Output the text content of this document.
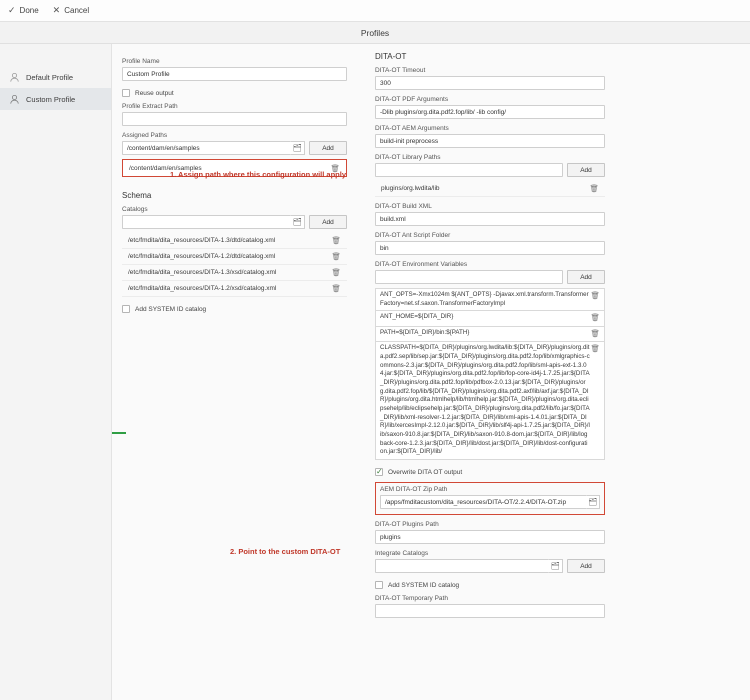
✓ Done ✕ Cancel
Profiles
Default Profile
Custom Profile
Profile Name
Custom Profile
Reuse output
Profile Extract Path
Assigned Paths
/content/dam/en/samples	🗂	Add
/content/dam/en/samples	🗑
Schema
Catalogs
🗂	Add
/etc/fmdita/dita_resources/DITA-1.3/dtd/catalog.xml	🗑
/etc/fmdita/dita_resources/DITA-1.2/dtd/catalog.xml	🗑
/etc/fmdita/dita_resources/DITA-1.3/xsd/catalog.xml	🗑
/etc/fmdita/dita_resources/DITA-1.2/xsd/catalog.xml	🗑
Add SYSTEM ID catalog
DITA-OT
DITA-OT Timeout
300
DITA-OT PDF Arguments
-Dlib plugins/org.dita.pdf2.fop/lib/ -lib config/
DITA-OT AEM Arguments
build-init preprocess
DITA-OT Library Paths
Add
plugins/org.lwdita/lib	🗑
DITA-OT Build XML
build.xml
DITA-OT Ant Script Folder
bin
DITA-OT Environment Variables
Add
ANT_OPTS=-Xmx1024m ${ANT_OPTS} -Djavax.xml.transform.TransformerFactory=net.sf.saxon.TransformerFactoryImpl
🗑
ANT_HOME=${DITA_DIR}	🗑
PATH=${DITA_DIR}/bin:${PATH}	🗑
CLASSPATH=${DITA_DIR}/plugins/org.lwdita/lib:${DITA_DIR}/plugins/org.dita.pdf2.sep/lib/sep.jar:${DITA_DIR}/plugins/org.dita.pdf2.fop/lib/xmlgraphics-commons-2.3.jar:${DITA_DIR}/plugins/org.dita.pdf2.fop/lib/sml-apis-ext-1.3.04.jar:${DITA_DIR}/plugins/org.dita.pdf2.fop/lib/fop-core-id4j-1.7.25.jar:${DITA_DIR}/plugins/org.dita.pdf2.fop/lib/pdfbox-2.0.13.jar:${DITA_DIR}/plugins/org.dita.pdf2.fop/lib/${DITA_DIR}/plugins/org.dita.pdf2.axf/lib/axf.jar:${DITA_DIR}/plugins/org.dita.htmlhelp/lib/htmlhelp.jar:${DITA_DIR}/plugins/org.dita.eclipsehelp/lib/eclipsehelp.jar:${DITA_DIR}/plugins/org.dita.pdf2/lib/fo.jar:${DITA_DIR}/lib/xml-resolver-1.2.jar:${DITA_DIR}/lib/xml-apis-1.4.01.jar:${DITA_DIR}/lib/xercesImpl-2.12.0.jar:${DITA_DIR}/lib/slf4j-api-1.7.25.jar:${DITA_DIR}/lib/saxon-910.8.jar:${DITA_DIR}/lib/saxon-910.8-dom.jar:${DITA_DIR}/lib/logback-core-1.2.3.jar:${DITA_DIR}/lib/dost.jar:${DITA_DIR}/lib/dost-configuration.jar:${DITA_DIR}/lib/
🗑
✓
Overwrite DITA OT output
AEM DITA-OT Zip Path
/apps/fmditacustom/dita_resources/DITA-OT/2.2.4/DITA-OT.zip	🗂
DITA-OT Plugins Path
plugins
Integrate Catalogs
🗂	Add
Add SYSTEM ID catalog
DITA-OT Temporary Path
1. Assign path where this configuration will apply
2. Point to the custom DITA-OT
